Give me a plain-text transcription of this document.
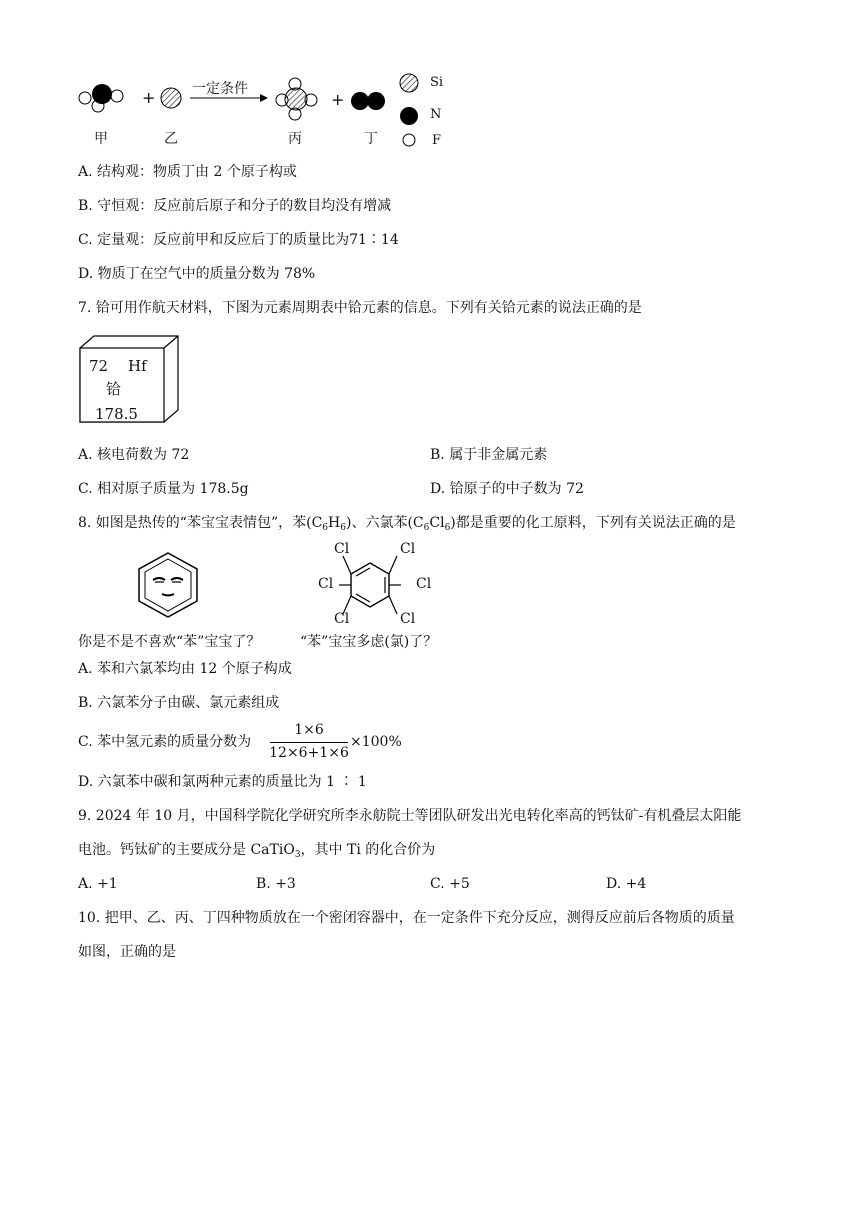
+	+
一定条件
甲	乙	丙	丁
Si
N
F
A. 结构观：物质丁由 2 个原子构或
B. 守恒观：反应前后原子和分子的数目均没有增减
C. 定量观：反应前甲和反应后丁的质量比为71∶14
D. 物质丁在空气中的质量分数为 78%
7. 铪可用作航天材料，下图为元素周期表中铪元素的信息。下列有关铪元素的说法正确的是
72 Hf
铪
178.5
A. 核电荷数为 72	B. 属于非金属元素
C. 相对原子质量为 178.5g	D. 铪原子的中子数为 72
8. 如图是热传的“苯宝宝表情包”，苯$(C_6H_6)$、六氯苯$(C_6Cl_6)$都是重要的化工原料，下列有关说法正确的是
Cl	Cl
Cl	Cl
Cl	Cl
你是不是不喜欢“苯”宝宝了？	“苯”宝宝多虑(氯)了？
A. 苯和六氯苯均由 12 个原子构成
B. 六氯苯分子由碳、氯元素组成
C. 苯中氢元素的质量分数为
1×6
12×6+1×6
×100%
D. 六氯苯中碳和氯两种元素的质量比为 1 ∶ 1
9. 2024 年 10 月，中国科学院化学研究所李永舫院士等团队研发出光电转化率高的钙钛矿-有机叠层太阳能
电池。钙钛矿的主要成分是 CaTiO$_3$，其中 Ti 的化合价为
A. +1	B. +3	C. +5	D. +4
10. 把甲、乙、丙、丁四种物质放在一个密闭容器中，在一定条件下充分反应，测得反应前后各物质的质量
如图，正确的是
